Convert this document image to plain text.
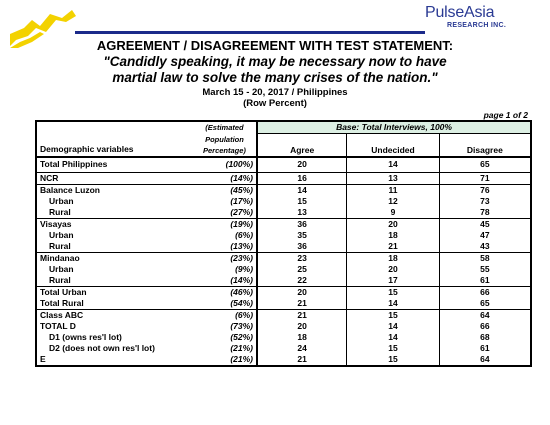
PulseAsia
RESEARCH INC.
AGREEMENT / DISAGREEMENT WITH TEST STATEMENT:
"Candidly speaking, it may be necessary now to have
martial law to solve the many crises of the nation."
March 15 - 20, 2017 / Philippines
(Row Percent)
page 1 of 2
Demographic variables	(Estimated	Base: Total Interviews, 100%		
	Population	Agree	Undecided	Disagree
	Percentage)			
Total Philippines	(100%)	20	14	65
NCR	(14%)	16	13	71
Balance Luzon	(45%)	14	11	76
Urban	(17%)	15	12	73
Rural	(27%)	13	9	78
Visayas	(19%)	36	20	45
Urban	(6%)	35	18	47
Rural	(13%)	36	21	43
Mindanao	(23%)	23	18	58
Urban	(9%)	25	20	55
Rural	(14%)	22	17	61
Total Urban	(46%)	20	15	66
Total Rural	(54%)	21	14	65
Class ABC	(6%)	21	15	64
TOTAL D	(73%)	20	14	66
D1 (owns res'l lot)	(52%)	18	14	68
D2 (does not own res'l lot)	(21%)	24	15	61
E	(21%)	21	15	64
